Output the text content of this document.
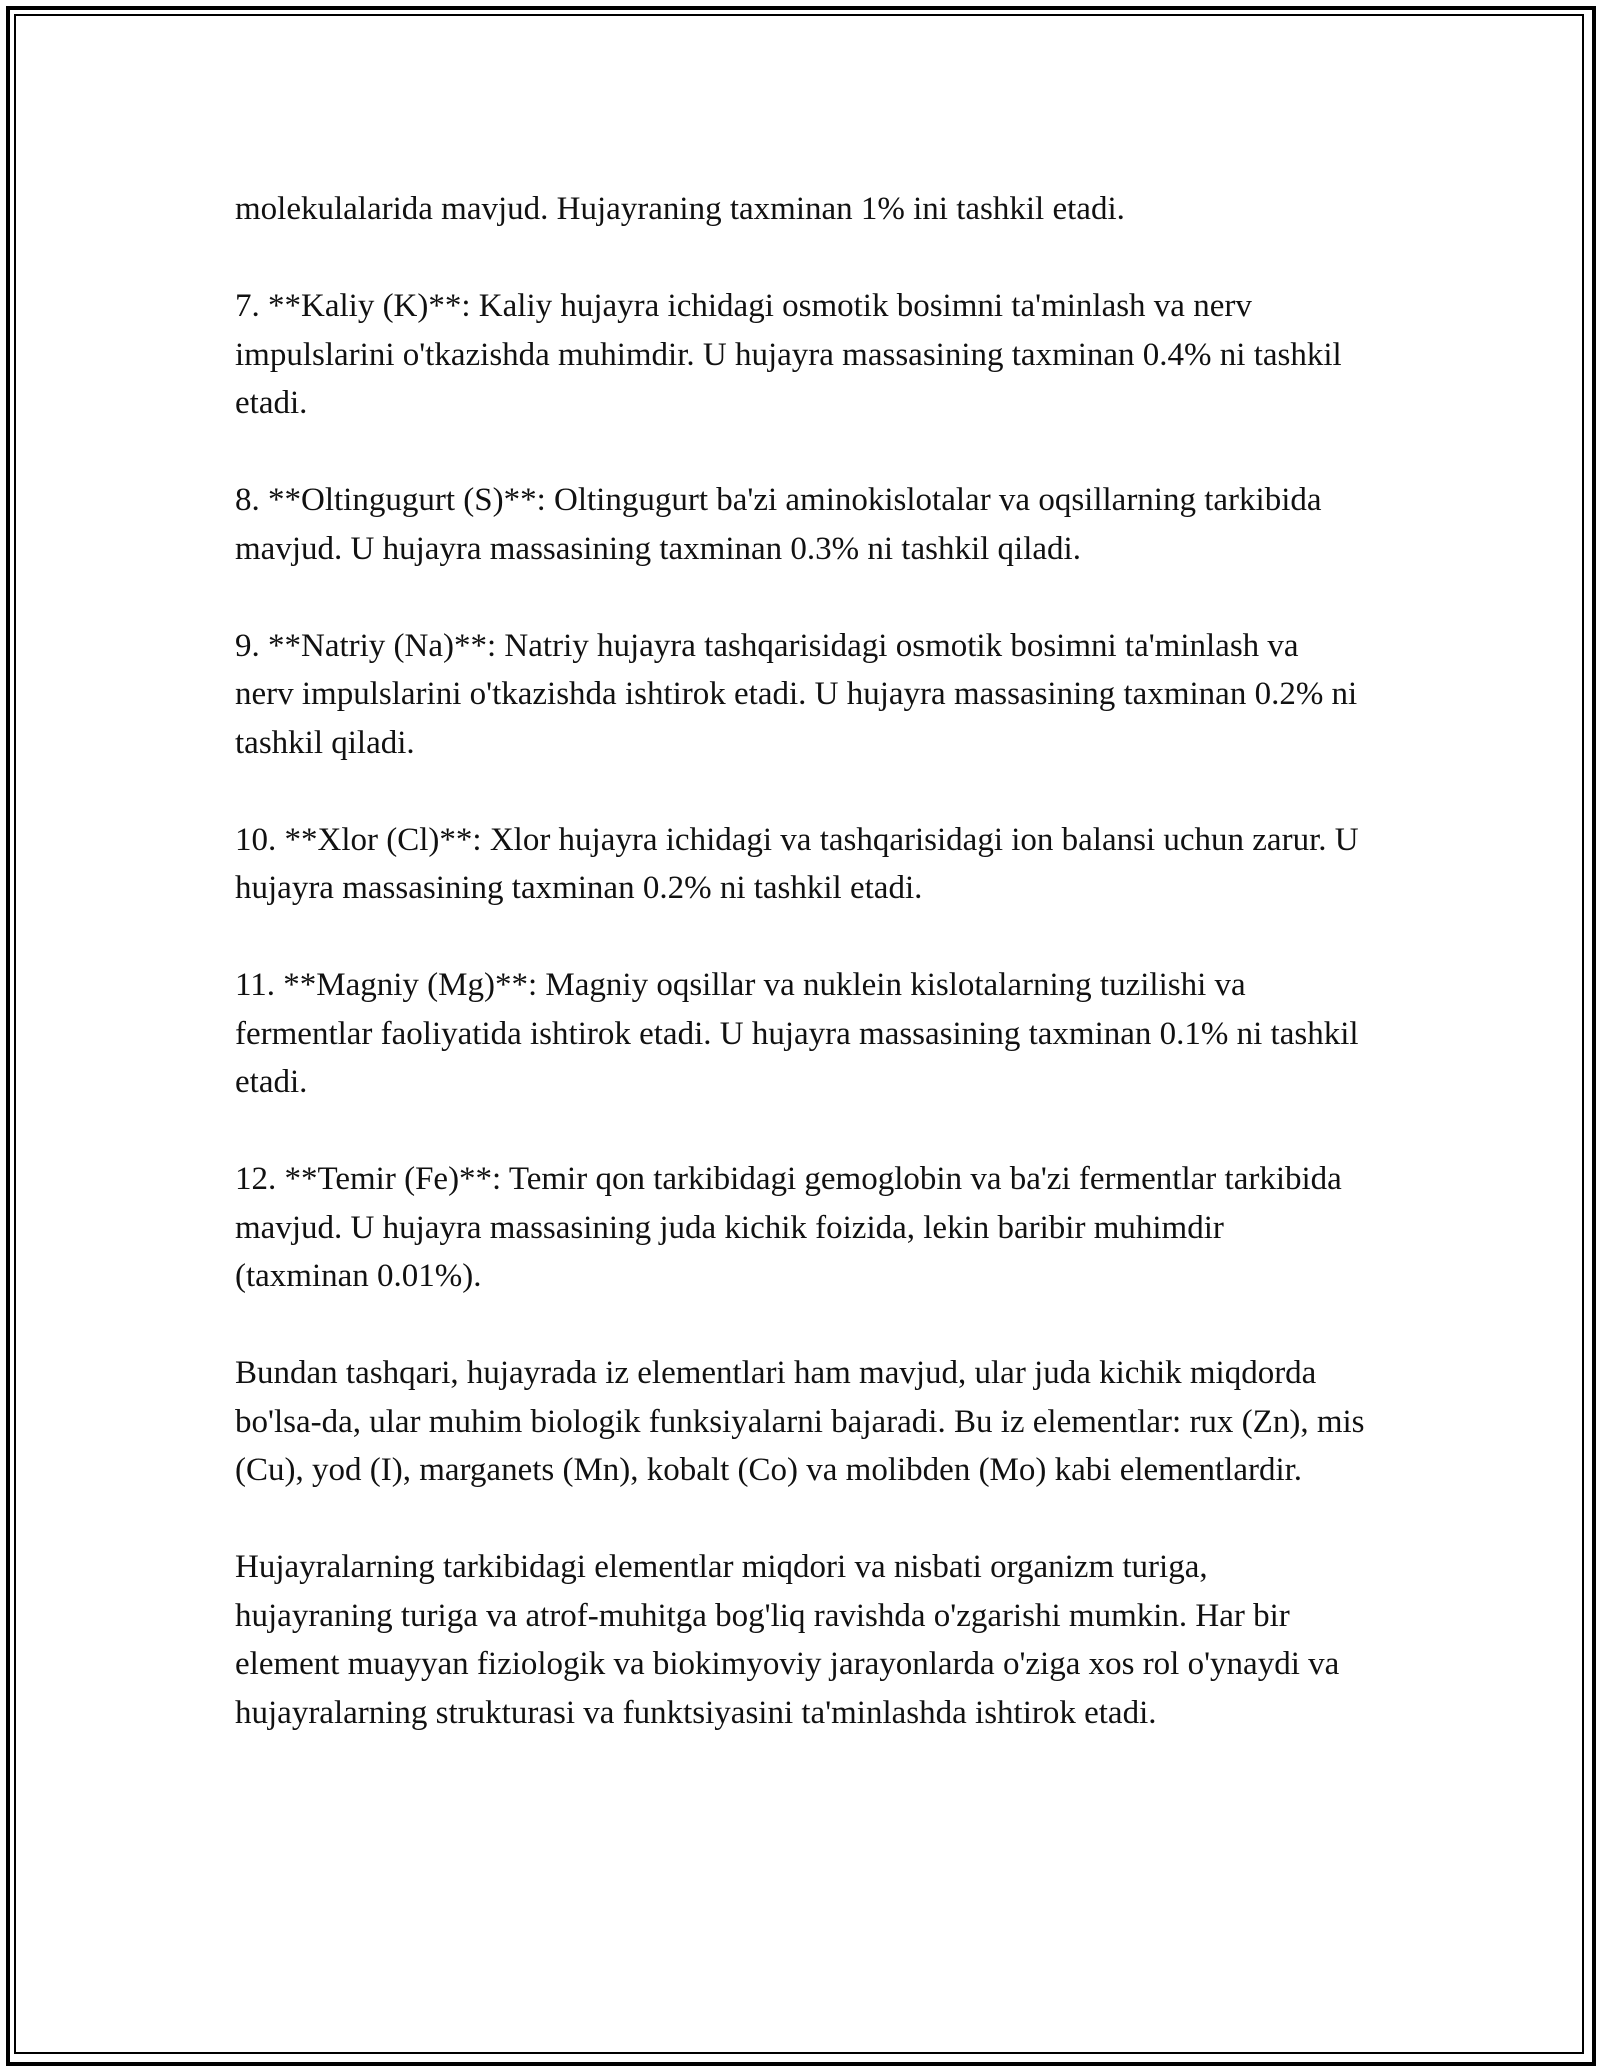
molekulalarida mavjud. Hujayraning taxminan 1% ini tashkil etadi.

7. **Kaliy (K)**: Kaliy hujayra ichidagi osmotik bosimni ta'minlash va nerv impulslarini o'tkazishda muhimdir. U hujayra massasining taxminan 0.4% ni tashkil etadi.

8. **Oltingugurt (S)**: Oltingugurt ba'zi aminokislotalar va oqsillarning tarkibida mavjud. U hujayra massasining taxminan 0.3% ni tashkil qiladi.

9. **Natriy (Na)**: Natriy hujayra tashqarisidagi osmotik bosimni ta'minlash va nerv impulslarini o'tkazishda ishtirok etadi. U hujayra massasining taxminan 0.2% ni tashkil qiladi.

10. **Xlor (Cl)**: Xlor hujayra ichidagi va tashqarisidagi ion balansi uchun zarur. U hujayra massasining taxminan 0.2% ni tashkil etadi.

11. **Magniy (Mg)**: Magniy oqsillar va nuklein kislotalarning tuzilishi va fermentlar faoliyatida ishtirok etadi. U hujayra massasining taxminan 0.1% ni tashkil etadi.

12. **Temir (Fe)**: Temir qon tarkibidagi gemoglobin va ba'zi fermentlar tarkibida mavjud. U hujayra massasining juda kichik foizida, lekin baribir muhimdir (taxminan 0.01%).

Bundan tashqari, hujayrada iz elementlari ham mavjud, ular juda kichik miqdorda bo'lsa-da, ular muhim biologik funksiyalarni bajaradi. Bu iz elementlar: rux (Zn), mis (Cu), yod (I), marganets (Mn), kobalt (Co) va molibden (Mo) kabi elementlardir.

Hujayralarning tarkibidagi elementlar miqdori va nisbati organizm turiga, hujayraning turiga va atrof-muhitga bog'liq ravishda o'zgarishi mumkin. Har bir element muayyan fiziologik va biokimyoviy jarayonlarda o'ziga xos rol o'ynaydi va hujayralarning strukturasi va funktsiyasini ta'minlashda ishtirok etadi.
